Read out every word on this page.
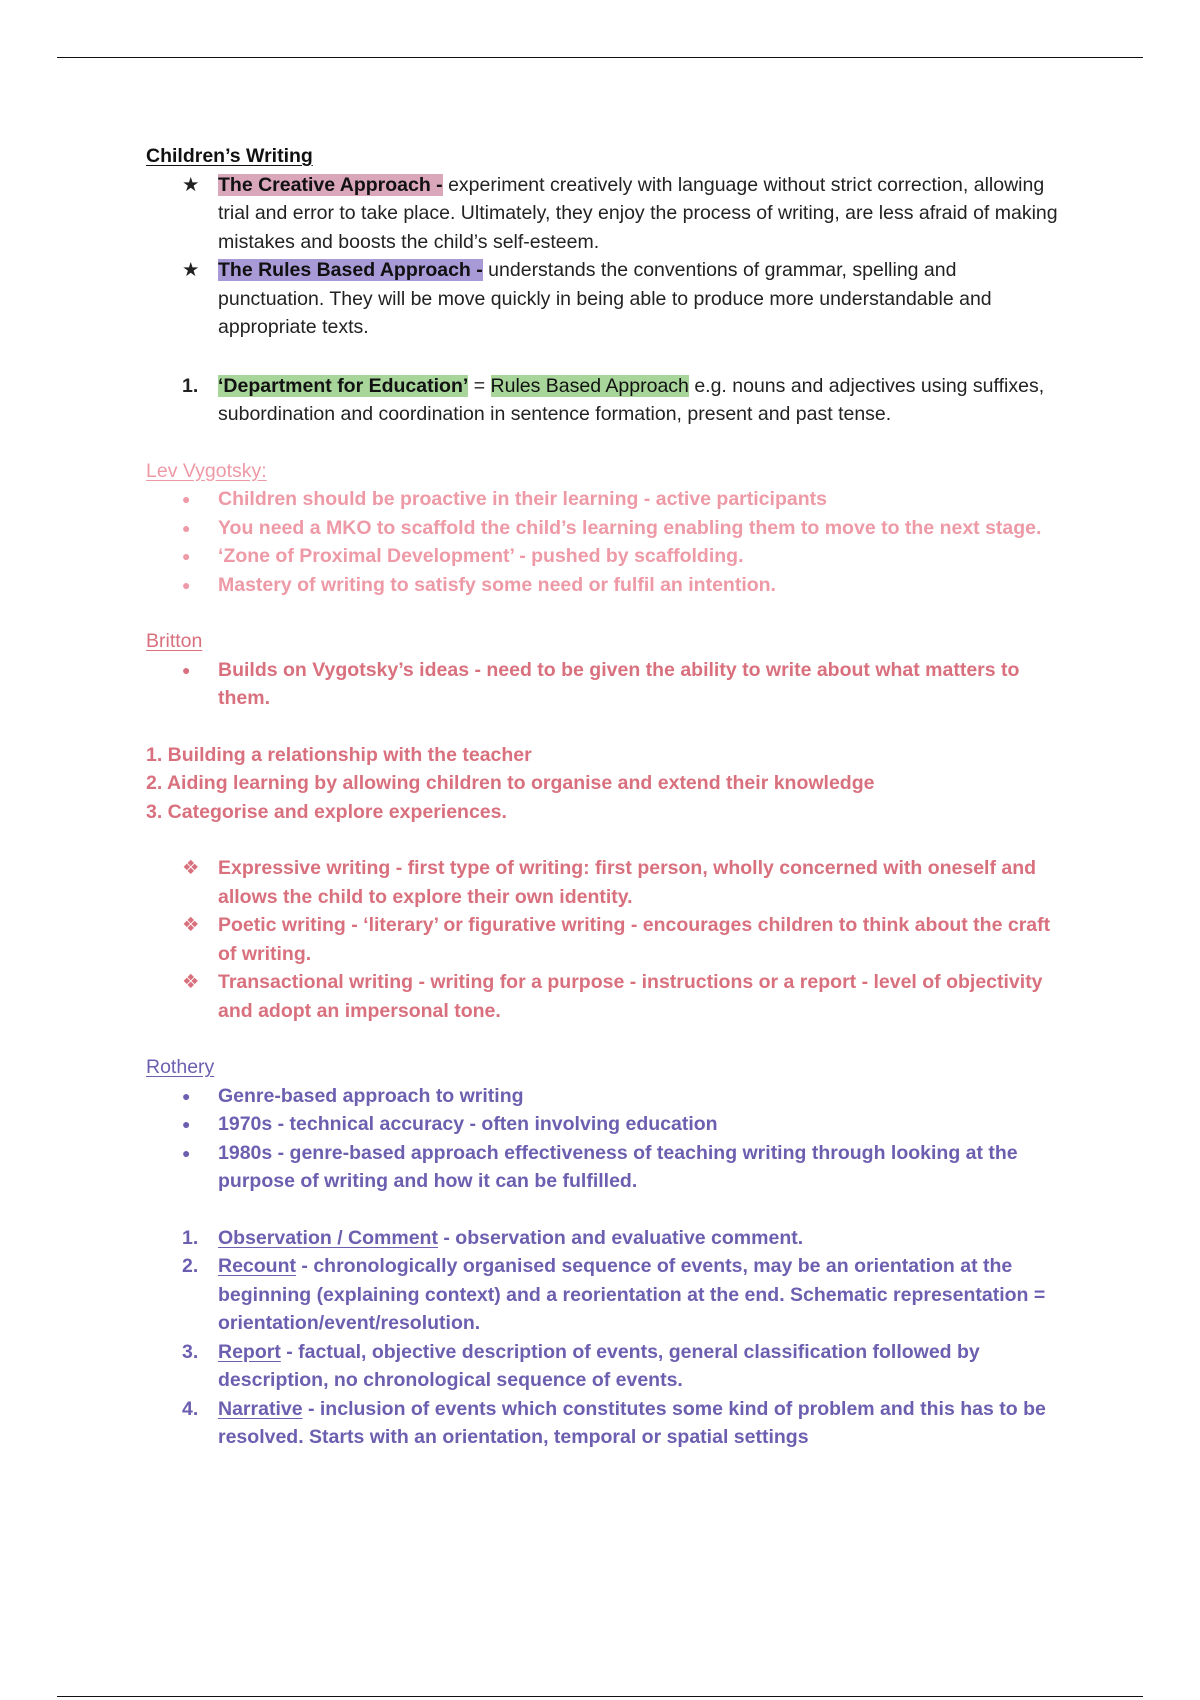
Children’s Writing

★ The Creative Approach - experiment creatively with language without strict correction, allowing trial and error to take place. Ultimately, they enjoy the process of writing, are less afraid of making mistakes and boosts the child’s self-esteem.

★ The Rules Based Approach - understands the conventions of grammar, spelling and punctuation. They will be move quickly in being able to produce more understandable and appropriate texts.

1.	‘Department for Education’ = Rules Based Approach e.g. nouns and adjectives using suffixes, subordination and coordination in sentence formation, present and past tense.

Lev Vygotsky:

●	Children should be proactive in their learning - active participants

●	You need a MKO to scaffold the child’s learning enabling them to move to the next stage.

●	‘Zone of Proximal Development’ - pushed by scaffolding.

●	Mastery of writing to satisfy some need or fulfil an intention.

Britton

●	Builds on Vygotsky’s ideas - need to be given the ability to write about what matters to them.

1. Building a relationship with the teacher

2. Aiding learning by allowing children to organise and extend their knowledge

3. Categorise and explore experiences.

❖ Expressive writing - first type of writing: first person, wholly concerned with oneself and allows the child to explore their own identity.

❖ Poetic writing - ‘literary’ or figurative writing - encourages children to think about the craft of writing.

❖ Transactional writing - writing for a purpose - instructions or a report - level of objectivity and adopt an impersonal tone.

Rothery

●	Genre-based approach to writing

●	1970s - technical accuracy - often involving education

●	1980s - genre-based approach effectiveness of teaching writing through looking at the purpose of writing and how it can be fulfilled.

1.	Observation / Comment - observation and evaluative comment.

2.	Recount - chronologically organised sequence of events, may be an orientation at the beginning (explaining context) and a reorientation at the end. Schematic representation = orientation/event/resolution.

3.	Report - factual, objective description of events, general classification followed by description, no chronological sequence of events.

4.	Narrative - inclusion of events which constitutes some kind of problem and this has to be resolved. Starts with an orientation, temporal or spatial settings
